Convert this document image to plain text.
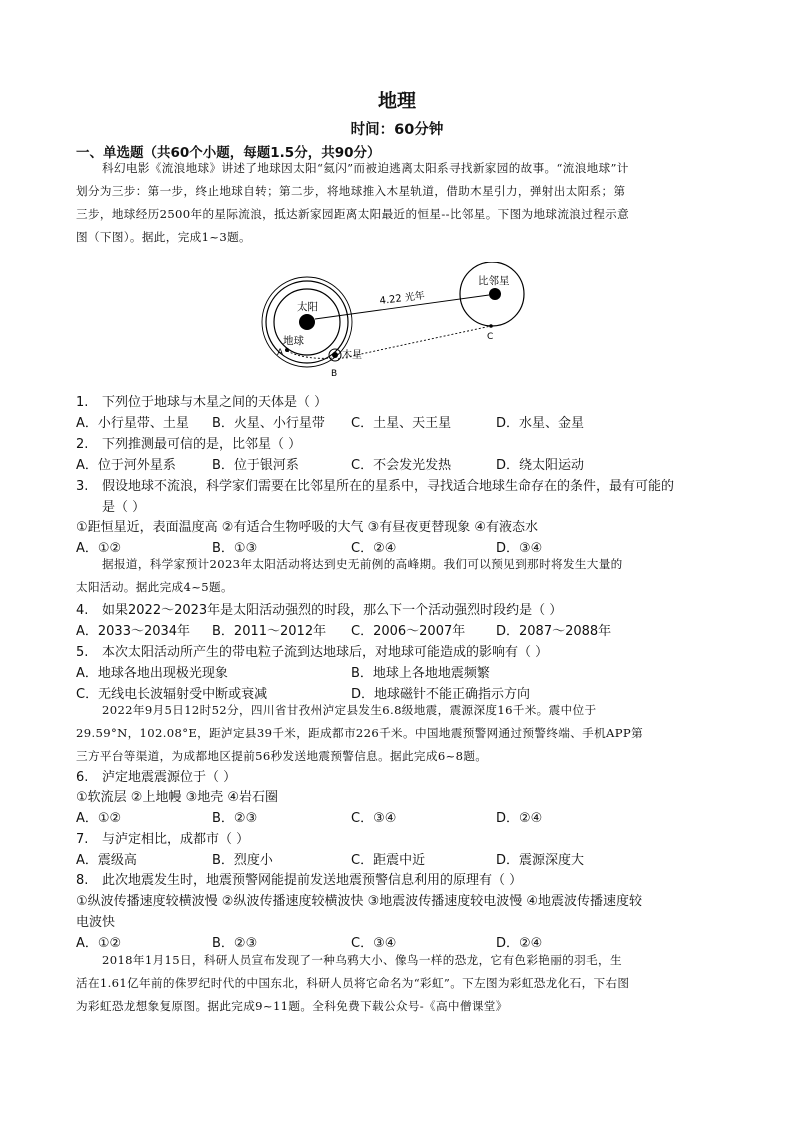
地理
时间：60分钟
一、单选题（共60个小题，每题1.5分，共90分）
科幻电影《流浪地球》讲述了地球因太阳“氦闪”而被迫逃离太阳系寻找新家园的故事。“流浪地球”计
划分为三步：第一步，终止地球自转；第二步，将地球推入木星轨道，借助木星引力，弹射出太阳系；第
三步，地球经历2500年的星际流浪，抵达新家园距离太阳最近的恒星--比邻星。下图为地球流浪过程示意
图（下图）。据此，完成1~3题。
太阳
比邻星
4.22 光年
地球
A	木星
B
C
1. 下列位于地球与木星之间的天体是（ ）
A．小行星带、土星 B．火星、小行星带 C．土星、天王星	D．水星、金星
2. 下列推测最可信的是，比邻星（ ）
A．位于河外星系	B．位于银河系	C．不会发光发热	D．绕太阳运动
3. 假设地球不流浪，科学家们需要在比邻星所在的星系中，寻找适合地球生命存在的条件，最有可能的
是（ ）
①距恒星近，表面温度高 ②有适合生物呼吸的大气 ③有昼夜更替现象 ④有液态水
A．①②	B．①③	C．②④	D．③④
据报道，科学家预计2023年太阳活动将达到史无前例的高峰期。我们可以预见到那时将发生大量的
太阳活动。据此完成4~5题。
4. 如果2022～2023年是太阳活动强烈的时段，那么下一个活动强烈时段约是（ ）
A．2033～2034年 B．2011～2012年 C．2006～2007年 D．2087～2088年
5. 本次太阳活动所产生的带电粒子流到达地球后，对地球可能造成的影响有（ ）
A．地球各地出现极光现象	B．地球上各地地震频繁
C．无线电长波辐射受中断或衰减	D．地球磁针不能正确指示方向
2022年9月5日12时52分，四川省甘孜州泸定县发生6.8级地震，震源深度16千米。震中位于
29.59°N，102.08°E，距泸定县39千米，距成都市226千米。中国地震预警网通过预警终端、手机APP第
三方平台等渠道，为成都地区提前56秒发送地震预警信息。据此完成6~8题。
6. 泸定地震震源位于（ ）
①软流层 ②上地幔 ③地壳 ④岩石圈
A．①②	B．②③	C．③④	D．②④
7. 与泸定相比，成都市（ ）
A．震级高	B．烈度小	C．距震中近	D．震源深度大
8. 此次地震发生时，地震预警网能提前发送地震预警信息利用的原理有（ ）
①纵波传播速度较横波慢 ②纵波传播速度较横波快 ③地震波传播速度较电波慢 ④地震波传播速度较
电波快
A．①②	B．②③	C．③④	D．②④
2018年1月15日，科研人员宣布发现了一种乌鸦大小、像鸟一样的恐龙，它有色彩艳丽的羽毛，生
活在1.61亿年前的侏罗纪时代的中国东北，科研人员将它命名为“彩虹”。下左图为彩虹恐龙化石，下右图
为彩虹恐龙想象复原图。据此完成9~11题。全科免费下载公众号-《高中僧课堂》
